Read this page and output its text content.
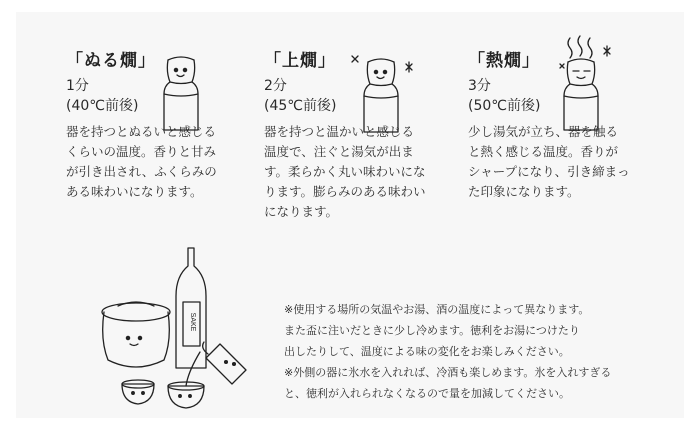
「ぬる燗」
1分
(40℃前後)
器を持つとぬるいと感じるくらいの温度。香りと甘みが引き出され、ふくらみのある味わいになります。
「上燗」
2分
(45℃前後)
器を持つと温かいと感じる温度で、注ぐと湯気が出ます。柔らかく丸い味わいになります。膨らみのある味わいになります。
「熱燗」
3分
(50℃前後)
少し湯気が立ち、器を触ると熱く感じる温度。香りがシャープになり、引き締まった印象になります。
SAKE

※使用する場所の気温やお湯、酒の温度によって異なります。

また盃に注いだときに少し冷めます。徳利をお湯につけたり

出したりして、温度による味の変化をお楽しみください。

※外側の器に氷水を入れれば、冷酒も楽しめます。氷を入れすぎる

と、徳利が入れられなくなるので量を加減してください。
